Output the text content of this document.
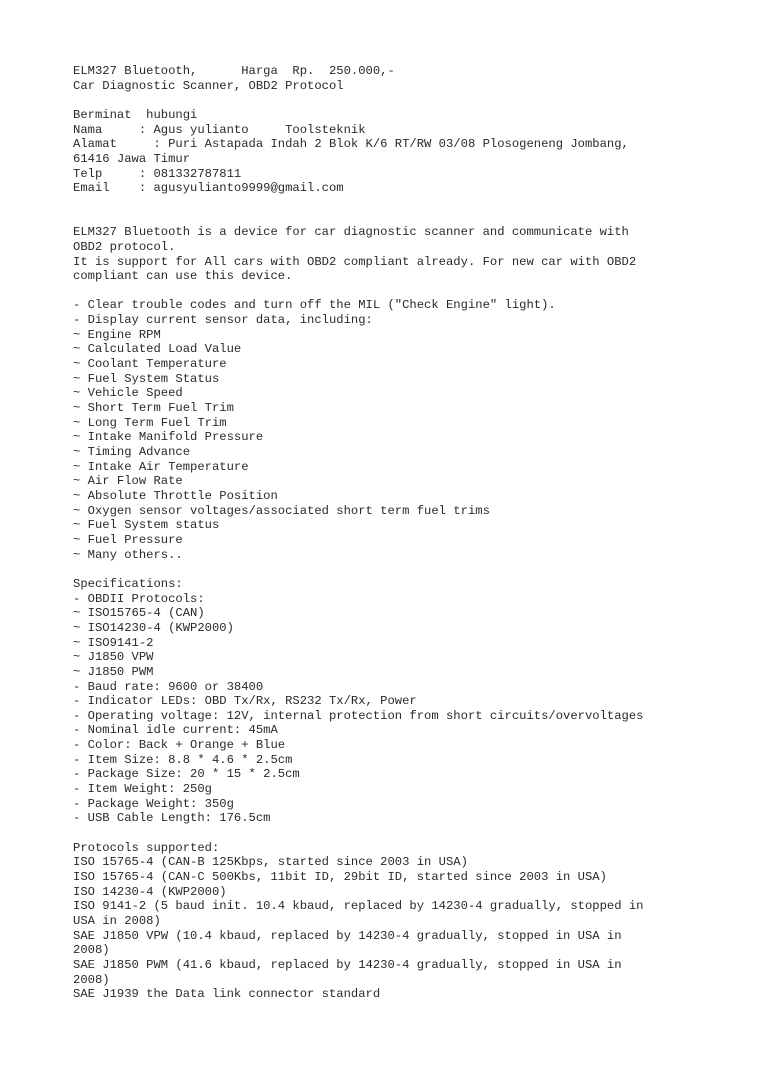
ELM327 Bluetooth,      Harga  Rp.  250.000,-
Car Diagnostic Scanner, OBD2 Protocol
Berminat  hubungi
Nama     : Agus yulianto     Toolsteknik
Alamat     : Puri Astapada Indah 2 Blok K/6 RT/RW 03/08 Plosogeneng Jombang,
61416 Jawa Timur
Telp     : 081332787811
Email    : agusyulianto9999@gmail.com
ELM327 Bluetooth is a device for car diagnostic scanner and communicate with
OBD2 protocol.
It is support for All cars with OBD2 compliant already. For new car with OBD2
compliant can use this device.
- Clear trouble codes and turn off the MIL ("Check Engine" light).
- Display current sensor data, including:
~ Engine RPM
~ Calculated Load Value
~ Coolant Temperature
~ Fuel System Status
~ Vehicle Speed
~ Short Term Fuel Trim
~ Long Term Fuel Trim
~ Intake Manifold Pressure
~ Timing Advance
~ Intake Air Temperature
~ Air Flow Rate
~ Absolute Throttle Position
~ Oxygen sensor voltages/associated short term fuel trims
~ Fuel System status
~ Fuel Pressure
~ Many others..
Specifications:
- OBDII Protocols:
~ ISO15765-4 (CAN)
~ ISO14230-4 (KWP2000)
~ ISO9141-2
~ J1850 VPW
~ J1850 PWM
- Baud rate: 9600 or 38400
- Indicator LEDs: OBD Tx/Rx, RS232 Tx/Rx, Power
- Operating voltage: 12V, internal protection from short circuits/overvoltages
- Nominal idle current: 45mA
- Color: Back + Orange + Blue
- Item Size: 8.8 * 4.6 * 2.5cm
- Package Size: 20 * 15 * 2.5cm
- Item Weight: 250g
- Package Weight: 350g
- USB Cable Length: 176.5cm
Protocols supported:
ISO 15765-4 (CAN-B 125Kbps, started since 2003 in USA)
ISO 15765-4 (CAN-C 500Kbs, 11bit ID, 29bit ID, started since 2003 in USA)
ISO 14230-4 (KWP2000)
ISO 9141-2 (5 baud init. 10.4 kbaud, replaced by 14230-4 gradually, stopped in
USA in 2008)
SAE J1850 VPW (10.4 kbaud, replaced by 14230-4 gradually, stopped in USA in
2008)
SAE J1850 PWM (41.6 kbaud, replaced by 14230-4 gradually, stopped in USA in
2008)
SAE J1939 the Data link connector standard
